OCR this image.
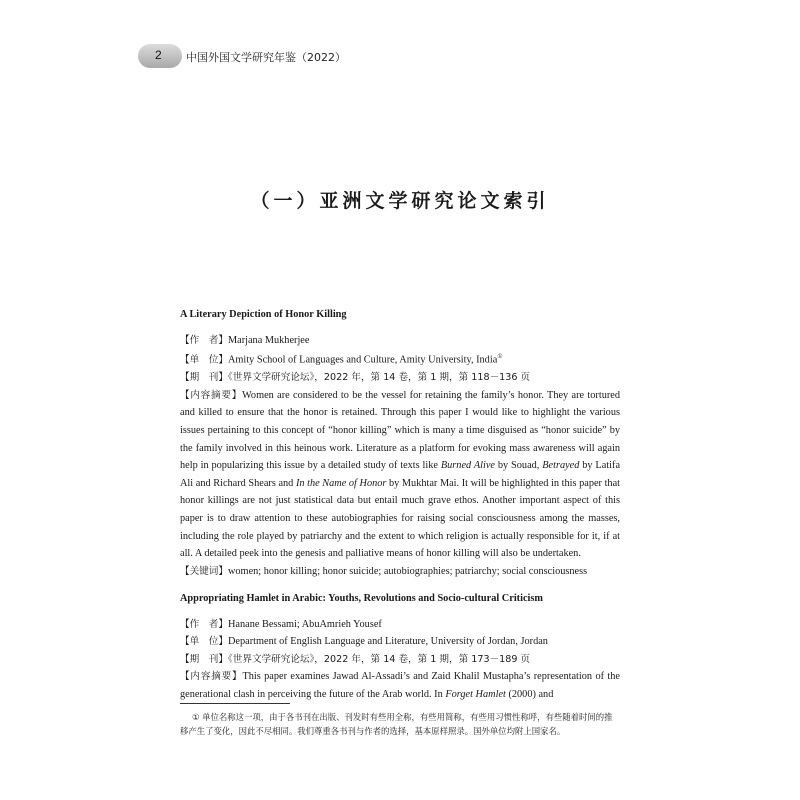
2 中国外国文学研究年鉴（2022）
（一）亚洲文学研究论文索引
A Literary Depiction of Honor Killing
【作　者】Marjana Mukherjee
【单　位】Amity School of Languages and Culture, Amity University, India①
【期　刊】《世界文学研究论坛》，2022 年，第 14 卷，第 1 期，第 118－136 页
【内容摘要】Women are considered to be the vessel for retaining the family’s honor. They are tortured and killed to ensure that the honor is retained. Through this paper I would like to highlight the various issues pertaining to this concept of “honor killing” which is many a time disguised as “honor suicide” by the family involved in this heinous work. Literature as a platform for evoking mass awareness will again help in popularizing this issue by a detailed study of texts like Burned Alive by Souad, Betrayed by Latifa Ali and Richard Shears and In the Name of Honor by Mukhtar Mai. It will be highlighted in this paper that honor killings are not just statistical data but entail much grave ethos. Another important aspect of this paper is to draw attention to these autobiographies for raising social consciousness among the masses, including the role played by patriarchy and the extent to which religion is actually responsible for it, if at all. A detailed peek into the genesis and palliative means of honor killing will also be undertaken.
【关键词】women; honor killing; honor suicide; autobiographies; patriarchy; social consciousness
Appropriating Hamlet in Arabic: Youths, Revolutions and Socio-cultural Criticism
【作　者】Hanane Bessami; AbuAmrieh Yousef
【单　位】Department of English Language and Literature, University of Jordan, Jordan
【期　刊】《世界文学研究论坛》，2022 年，第 14 卷，第 1 期，第 173－189 页
【内容摘要】This paper examines Jawad Al-Assadi’s and Zaid Khalil Mustapha’s representation of the generational clash in perceiving the future of the Arab world. In Forget Hamlet (2000) and
① 单位名称这一项，由于各书刊在出版、刊发时有些用全称，有些用简称，有些用习惯性称呼，有些随着时间的推移产生了变化，因此不尽相同。我们尊重各书刊与作者的选择，基本原样照录。国外单位均附上国家名。
